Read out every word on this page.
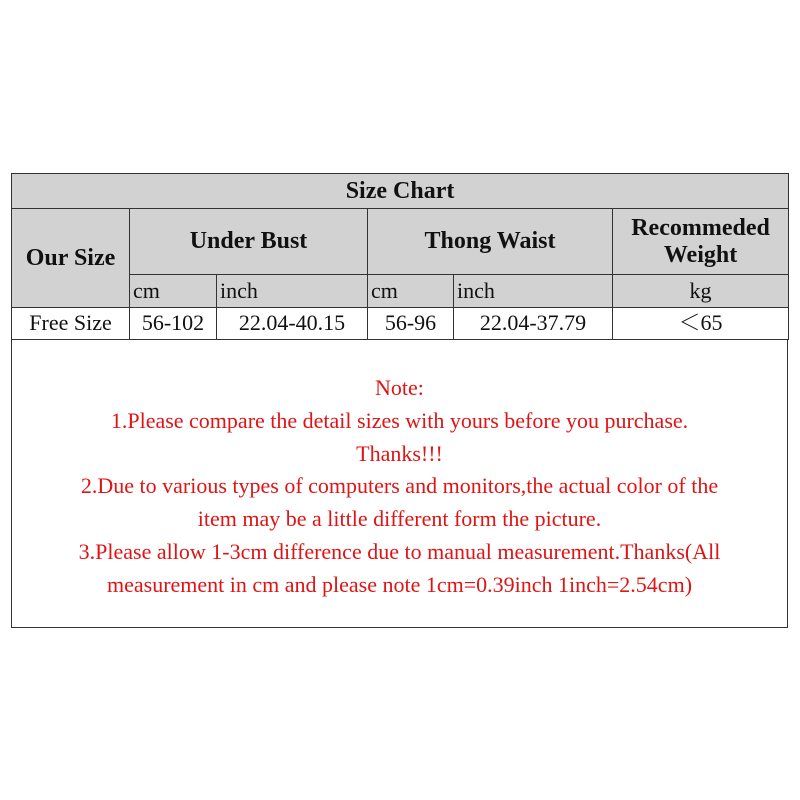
Size Chart					
Our Size	Under Bust		Thong Waist		Recommeded
Weight
	cm	inch	cm	inch	kg
Free Size	56-102	22.04-40.15	56-96	22.04-37.79	＜65
Note:
1.Please compare the detail sizes with yours before you purchase.
Thanks!!!
2.Due to various types of computers and monitors,the actual color of the
item may be a little different form the picture.
3.Please allow 1-3cm difference due to manual measurement.Thanks(All
measurement in cm and please note 1cm=0.39inch 1inch=2.54cm)
